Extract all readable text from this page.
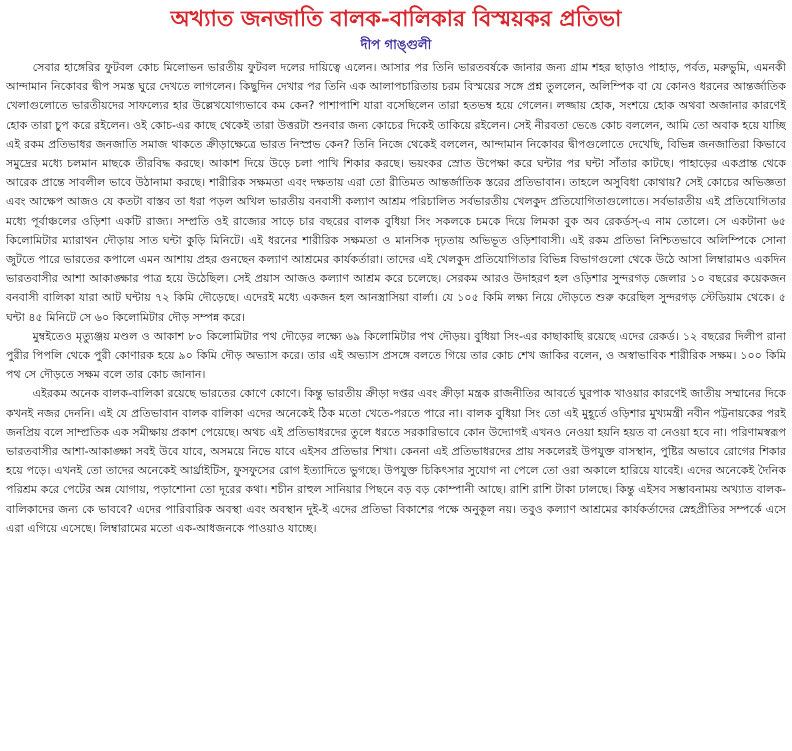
অখ্যাত জনজাতি বালক-বালিকার বিস্ময়কর প্রতিভা
দীপ গাঙ্গুলী

সেবার হাঙ্গেরির ফুটবল কোচ মিলোভন ভারতীয় ফুটবল দলের দায়িত্বে এলেন। আসার পর তিনি ভারতবর্ষকে জানার জন্য গ্রাম শহর ছাড়াও পাহাড়, পর্বত, মরুভুমি, এমনকী আন্দামান নিকোবর দ্বীপ সমস্ত ঘুরে দেখতে লাগলেন। কিছুদিন দেখার পর তিনি এক আলাপচারিতায় চরম বিস্ময়ের সঙ্গে প্রশ্ন তুললেন, অলিম্পিক বা যে কোনও ধরনের আন্তর্জাতিক খেলাগুলোতে ভারতীয়দের সাফল্যের হার উল্লেখযোগ্যভাবে কম কেন? পাশাপাশি যারা বসেছিলেন তারা হতভম্ব হয়ে গেলেন। লজ্জায় হোক, সংশয়ে হোক অথবা অজানার কারণেই হোক তারা চুপ করে রইলেন। ওই কোচ-এর কাছে থেকেই তারা উত্তরটা শুনবার জন্য কোচের দিকেই তাকিয়ে রইলেন। সেই নীরবতা ভেঙে কোচ বললেন, আমি তো অবাক হয়ে যাচ্ছি এই রকম প্রতিভাধর জনজাতি সমাজ থাকতে ক্রীড়াক্ষেত্রে ভারত নিস্প্রভ কেন? তিনি নিজে থেকেই বললেন, আন্দামান নিকোবর দ্বীপগুলোতে দেখেছি, বিভিন্ন জনজাতিরা কিভাবে সমুদ্রের মধ্যে চলমান মাছকে তীরবিদ্ধ করছে। আকাশ দিয়ে উড়ে চলা পাখি শিকার করছে। ভয়ংকর স্রোত উপেক্ষা করে ঘন্টার পর ঘন্টা সাঁতার কাটছে। পাহাড়ের একপ্রান্ত থেকে আরেক প্রান্তে সাবলীল ভাবে উঠানামা করছে। শারীরিক সক্ষমতা এবং দক্ষতায় এরা তো রীতিমত আন্তর্জাতিক স্তরের প্রতিভাবান। তাহলে অসুবিধা কোথায়? সেই কোচের অভিজ্ঞতা এবং আক্ষেপ আজও যে কতটা বাস্তব তা ধরা পড়ল অখিল ভারতীয় বনবাসী কল্যাণ আশ্রম পরিচালিত সর্বভারতীয় খেলকুদ প্রতিযোগিতাগুলোতে। সর্বভারতীয় এই প্রতিযোগিতার মধ্যে পূর্বাঞ্চলের ওড়িশা একটি রাজ্য। সম্প্রতি ওই রাজ্যের সাড়ে চার বছরের বালক বুধিয়া সিং সকলকে চমকে দিয়ে লিমকা বুক অব রেকর্ডস্-এ নাম তোলে। সে একটানা ৬৫ কিলোমিটার ম্যারাথন দৌড়ায় সাত ঘন্টা কুড়ি মিনিটে। এই ধরনের শারীরিক সক্ষমতা ও মানসিক দৃঢ়তায় অভিভূত ওড়িশাবাসী। এই রকম প্রতিভা নিশ্চিতভাবে অলিম্পিকে সোনা জুটতে পারে ভারতের কপালে এমন আশায় প্রহর গুনছেন কল্যাণ আশ্রমের কার্যকর্তারা। তাদের এই খেলকুদ প্রতিযোগিতার বিভিন্ন বিভাগগুলো থেকে উঠে আসা লিম্বারামও একদিন ভারতবাসীর আশা আকাঙ্ক্ষার পাত্র হয়ে উঠেছিল। সেই প্রয়াস আজও কল্যাণ আশ্রম করে চলেছে। সেরকম আরও উদাহরণ হল ওড়িশার সুন্দরগড় জেলার ১০ বছরের কয়েকজন বনবাসী বালিকা যারা আট ঘন্টায় ৭২ কিমি দৌড়েছে। এদেরই মধ্যে একজন হল আনস্ত্রাসিয়া বার্লা। যে ১০৫ কিমি লক্ষ্য নিয়ে দৌড়তে শুরু করেছিল সুন্দরগড় স্টেডিয়াম থেকে। ৫ ঘন্টা ৪৫ মিনিটে সে ৬০ কিলোমিটার দৌড় সম্পন্ন করে।

মুম্বইতেও মৃত্যুঞ্জয় মণ্ডল ও আকাশ ৮০ কিলোমিটার পথ দৌড়ের লক্ষ্যে ৬৯ কিলোমিটার পথ দৌড়য়। বুধিয়া সিং-এর কাছাকাছি রয়েছে এদের রেকর্ড। ১২ বছরের দিলীপ রানা পুরীর পিপলি থেকে পুরী কোণারক হয়ে ৯০ কিমি দৌড় অভ্যাস করে। তার এই অভ্যাস প্রসঙ্গে বলতে গিয়ে তার কোচ শেখ জাকির বলেন, ও অস্বাভাবিক শারীরিক সক্ষম। ১০০ কিমি পথ সে দৌড়তে সক্ষম বলে তার কোচ জানান।

এইরকম অনেক বালক-বালিকা রয়েছে ভারতের কোণে কোণে। কিন্তু ভারতীয় ক্রীড়া দপ্তর এবং ক্রীড়া মন্ত্রক রাজনীতির আবর্তে ঘুরপাক খাওয়ার কারণেই জাতীয় সম্মানের দিকে কখনই নজর দেননি। এই যে প্রতিভাবান বালক বালিকা এদের অনেকেই ঠিক মতো খেতে-পরতে পারে না। বালক বুধিয়া সিং তো এই মুহূর্তে ওড়িশার মুখ্যমন্ত্রী নবীন পট্টনায়কের পরই জনপ্রিয় বলে সাম্প্রতিক এক সমীক্ষায় প্রকাশ পেয়েছে। অথচ এই প্রতিভাধরদের তুলে ধরতে সরকারিভাবে কোন উদ্যোগই এখনও নেওয়া হয়নি হয়ত বা নেওয়া হবে না। পরিণামস্বরূপ ভারতবাসীর আশা-আকাঙ্ক্ষা সবই উবে যাবে, অসময়ে নিভে যাবে এইসব প্রতিভার শিখা। কেননা এই প্রতিভাধরদের প্রায় সকলেরই উপযুক্ত বাসস্থান, পুষ্টির অভাবে রোগের শিকার হয়ে পড়ে। এখনই তো তাদের অনেকেই আর্থ্রাইটিস, ফুসফুসের রোগ ইত্যাদিতে ভুগছে। উপযুক্ত চিকিৎসার সুযোগ না পেলে তো ওরা অকালে হারিয়ে যাবেই। এদের অনেকেই দৈনিক পরিশ্রম করে পেটের অন্ন যোগায়, পড়াশোনা তো দূরের কথা। শচীন রাহুল সানিয়ার পিছনে বড় বড় কোম্পানী আছে। রাশি রাশি টাকা ঢালছে। কিন্তু এইসব সম্ভাবনাময় অখ্যাত বালক-বালিকাদের জন্য কে ভাববে? এদের পারিবারিক অবস্থা এবং অবস্থান দুই-ই এদের প্রতিভা বিকাশের পক্ষে অনুকূল নয়। তবুও কল্যাণ আশ্রমের কার্যকর্তাদের স্নেহপ্রীতির সম্পর্কে এসে এরা এগিয়ে এসেছে। লিম্বারামের মতো এক-আধজনকে পাওয়াও যাচ্ছে।
